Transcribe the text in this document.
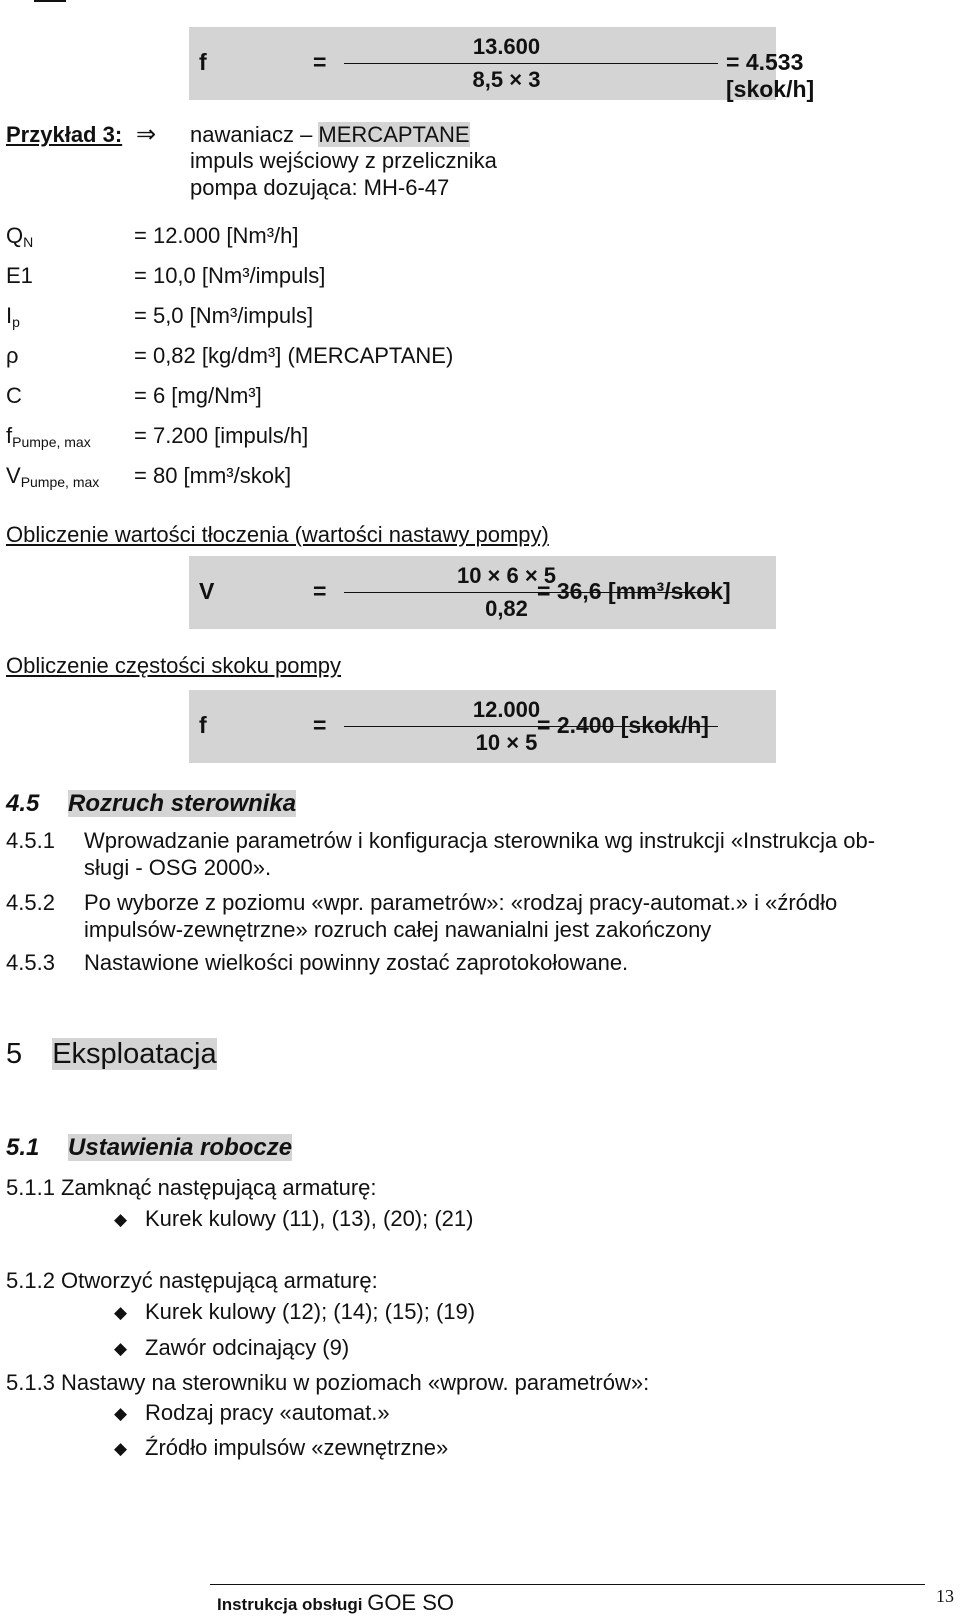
f	=
13.600
8,5 × 3
= 4.533 [skok/h]
Przykład 3: ⇒ nawaniacz – MERCAPTANE
impuls wejściowy z przelicznika
pompa dozująca: MH-6-47
$Q_N$	= 12.000 [Nm³/h]
E1	= 10,0 [Nm³/impuls]
$I_p$	= 5,0 [Nm³/impuls]
ρ	= 0,82 [kg/dm³] (MERCAPTANE)
C	= 6 [mg/Nm³]
$f_{Pumpe, max} = 7.200$ [impuls/h]
$V_{Pumpe, max} = 80$ [mm³/skok]
Obliczenie wartości tłoczenia (wartości nastawy pompy)
V	=
10 × 6 × 5
0,82
= 36,6 [mm³/skok]
Obliczenie częstości skoku pompy
f	=
12.000
10 × 5
= 2.400 [skok/h]
4.5 Rozruch sterownika
4.5.1 Wprowadzanie parametrów i konfiguracja sterownika wg instrukcji «Instrukcja ob-
sługi - OSG 2000».
4.5.2 Po wyborze z poziomu «wpr. parametrów»: «rodzaj pracy-automat.» i «źródło
impulsów-zewnętrzne» rozruch całej nawanialni jest zakończony
4.5.3 Nastawione wielkości powinny zostać zaprotokołowane.
5 Eksploatacja
5.1 Ustawienia robocze
5.1.1 Zamknąć następującą armaturę:
◆ Kurek kulowy (11), (13), (20); (21)
5.1.2 Otworzyć następującą armaturę:
◆ Kurek kulowy (12); (14); (15); (19)
◆ Zawór odcinający (9)
5.1.3 Nastawy na sterowniku w poziomach «wprow. parametrów»:
◆ Rodzaj pracy «automat.»
◆ Źródło impulsów «zewnętrzne»
Instrukcja obsługi GOE SO	13
